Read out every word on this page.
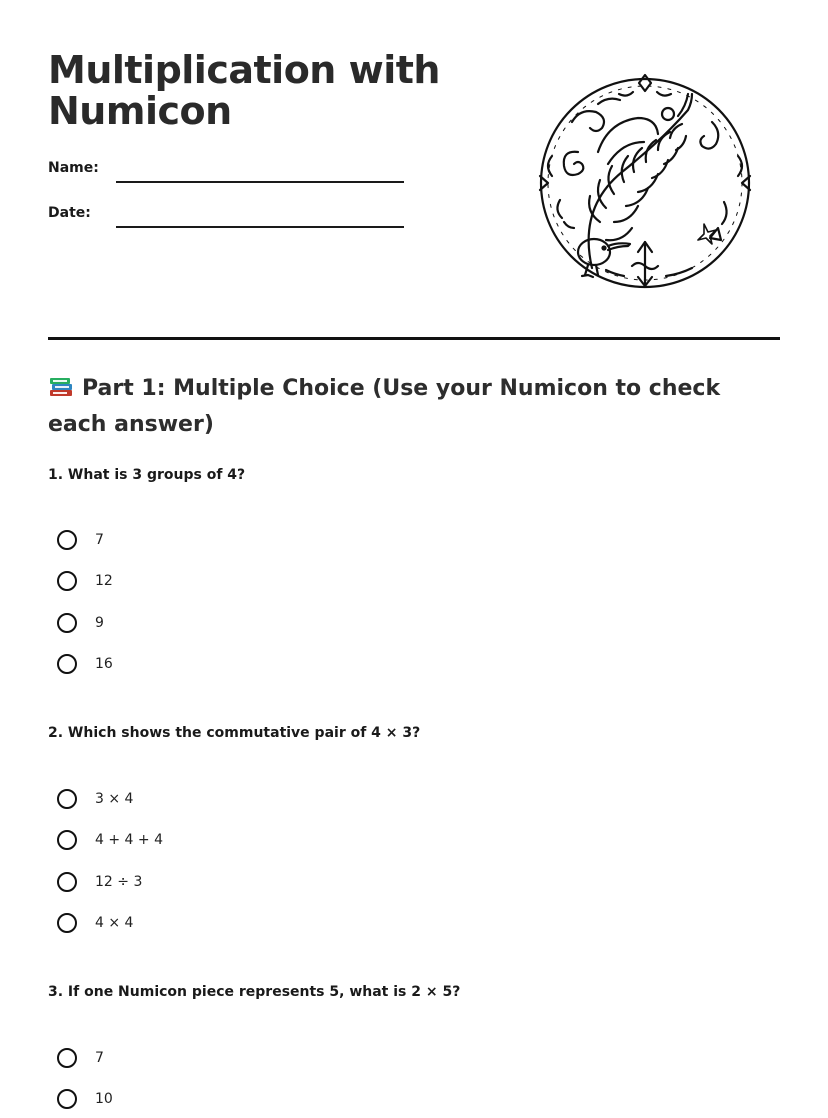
Multiplication with Numicon
Name:
Date:
Part 1: Multiple Choice (Use your Numicon to check each answer)

1. What is 3 groups of 4?

7
12
9
16

2. Which shows the commutative pair of 4 × 3?

3 × 4
4 + 4 + 4
12 ÷ 3
4 × 4

3. If one Numicon piece represents 5, what is 2 × 5?

7
10
